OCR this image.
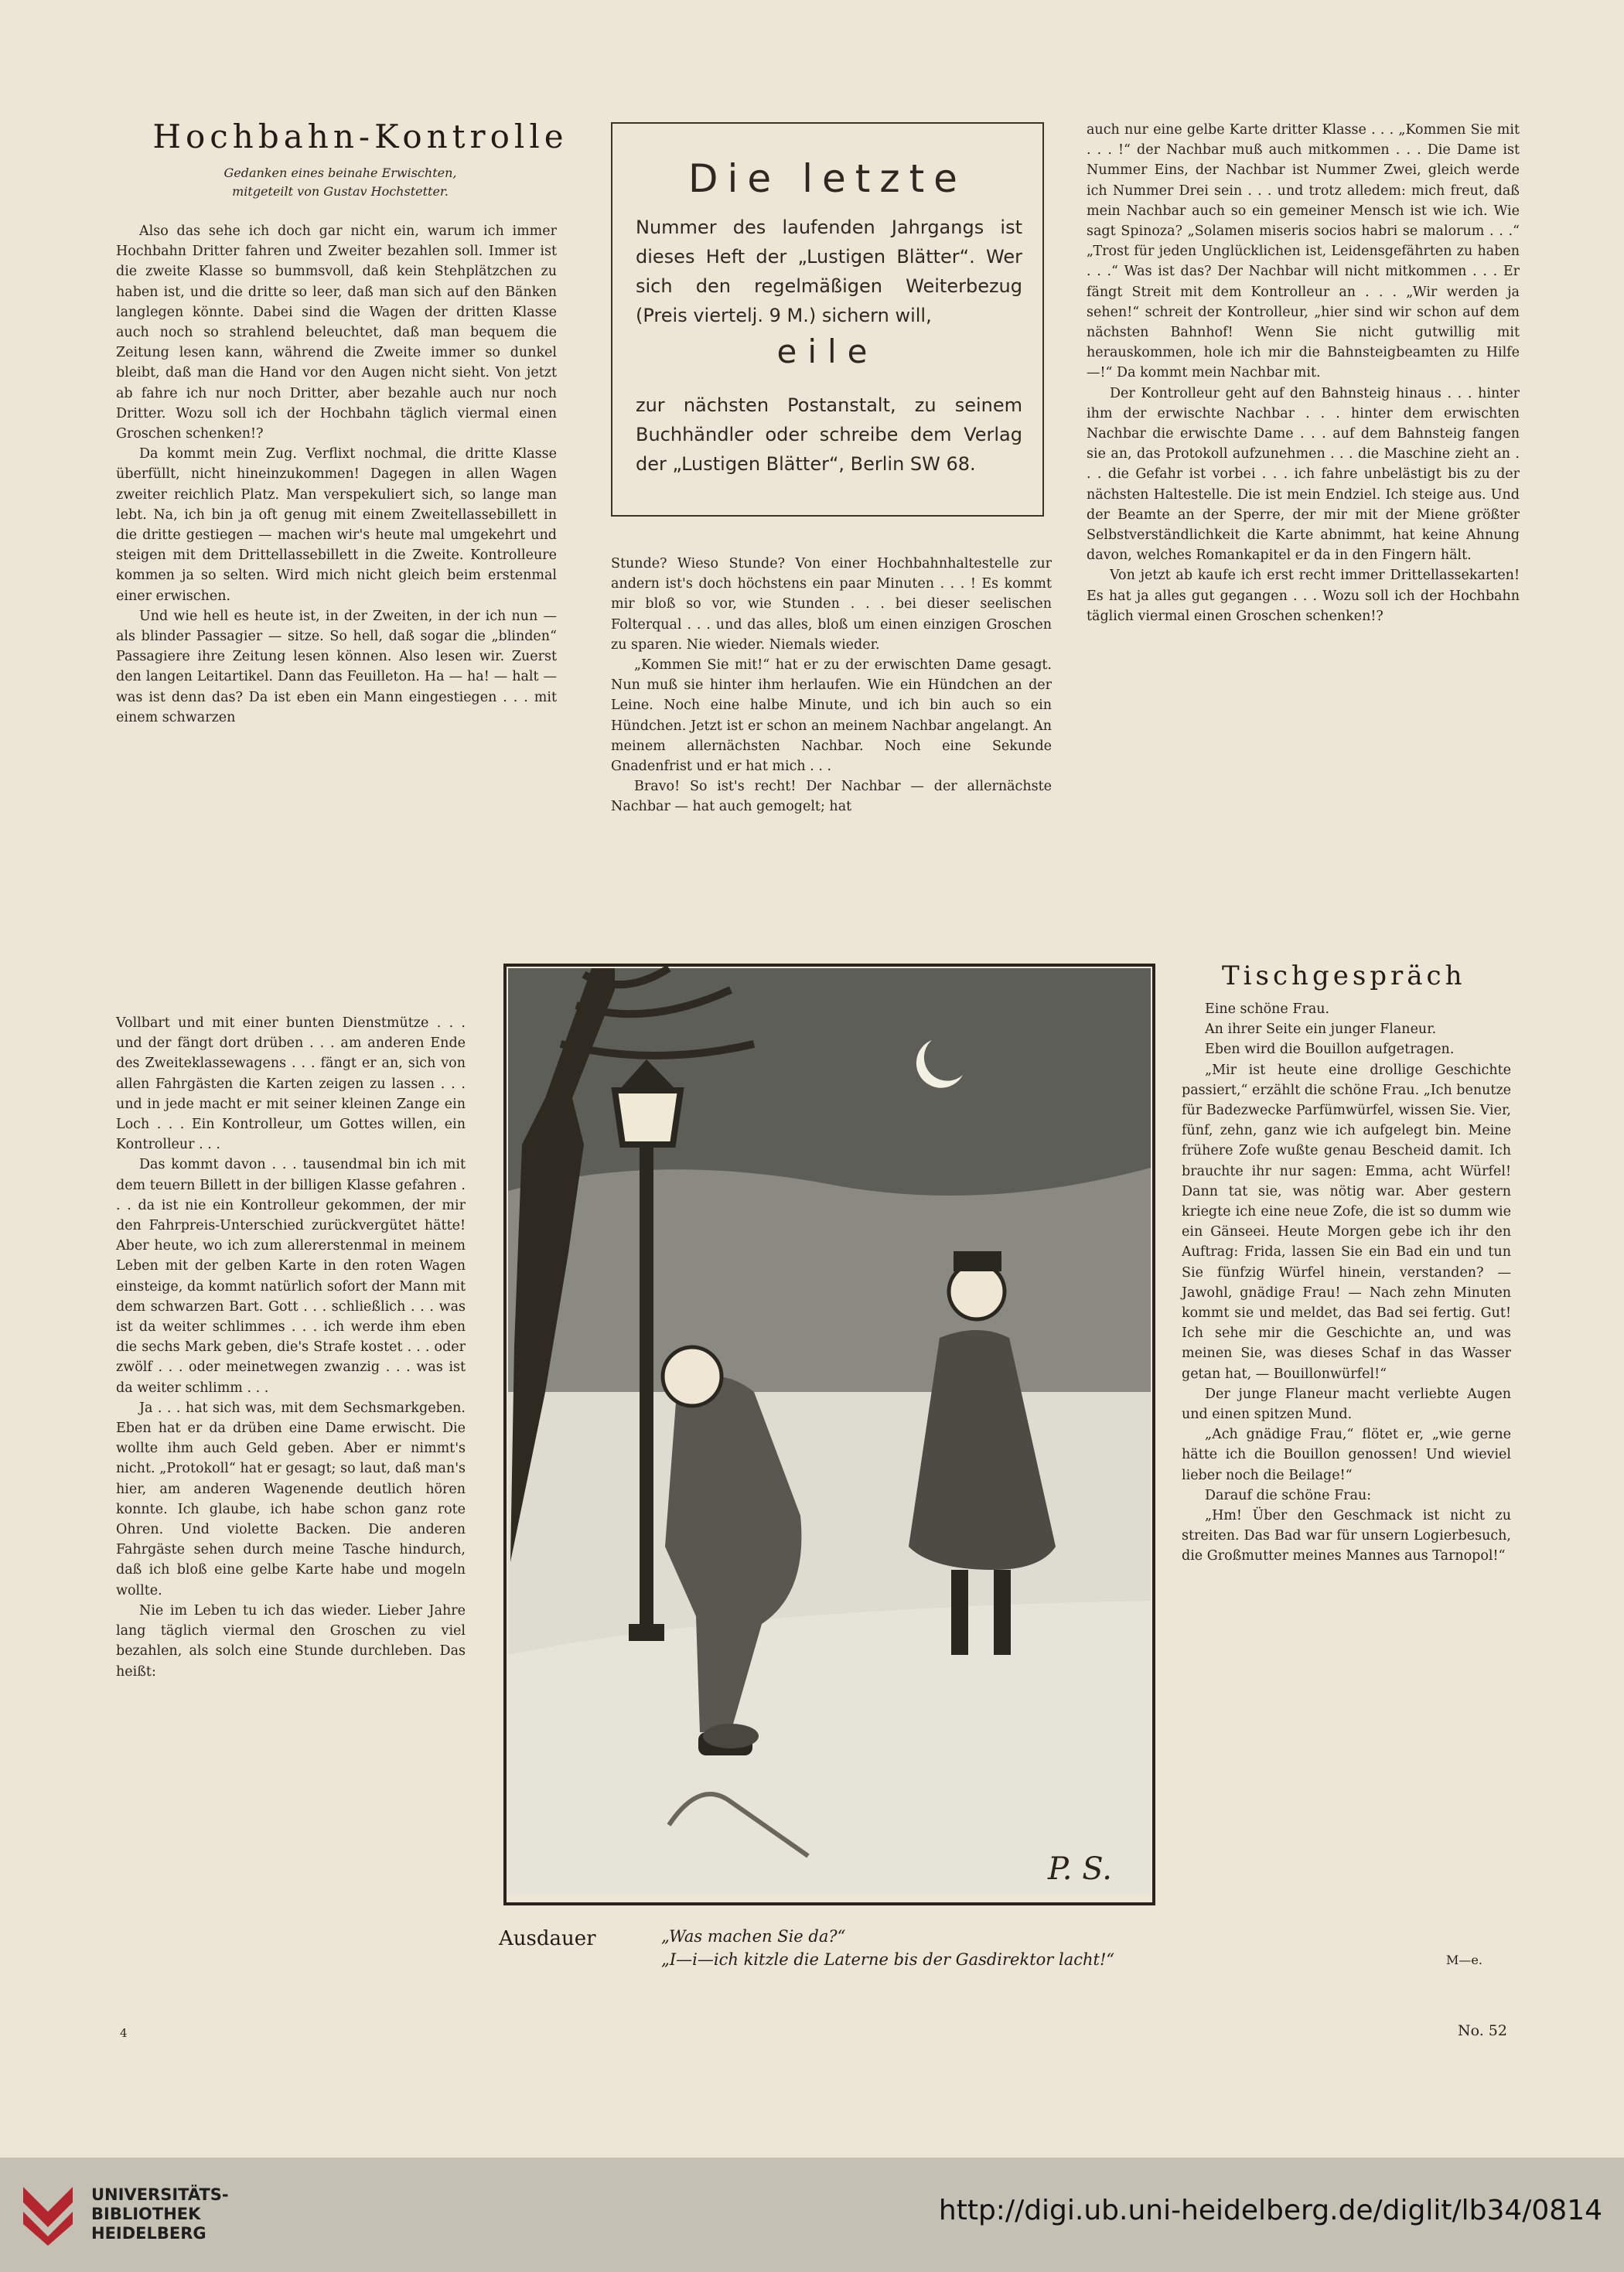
Hochbahn-Kontrolle
Gedanken eines beinahe Erwischten,
mitgeteilt von Gustav Hochstetter.

Also das sehe ich doch gar nicht ein, warum ich immer Hochbahn Dritter fahren und Zweiter bezahlen soll. Immer ist die zweite Klasse so bummsvoll, daß kein Stehplätzchen zu haben ist, und die dritte so leer, daß man sich auf den Bänken langlegen könnte. Dabei sind die Wagen der dritten Klasse auch noch so strahlend beleuchtet, daß man bequem die Zeitung lesen kann, während die Zweite immer so dunkel bleibt, daß man die Hand vor den Augen nicht sieht. Von jetzt ab fahre ich nur noch Dritter, aber bezahle auch nur noch Dritter. Wozu soll ich der Hochbahn täglich viermal einen Groschen schenken!?

Da kommt mein Zug. Verflixt nochmal, die dritte Klasse überfüllt, nicht hineinzukommen! Dagegen in allen Wagen zweiter reichlich Platz. Man verspekuliert sich, so lange man lebt. Na, ich bin ja oft genug mit einem Zweitellassebillett in die dritte gestiegen — machen wir's heute mal umgekehrt und steigen mit dem Drittellassebillett in die Zweite. Kontrolleure kommen ja so selten. Wird mich nicht gleich beim erstenmal einer erwischen.

Und wie hell es heute ist, in der Zweiten, in der ich nun — als blinder Passagier — sitze. So hell, daß sogar die „blinden“ Passagiere ihre Zeitung lesen können. Also lesen wir. Zuerst den langen Leitartikel. Dann das Feuilleton. Ha — ha! — halt — was ist denn das? Da ist eben ein Mann eingestiegen . . . mit einem schwarzen

Vollbart und mit einer bunten Dienstmütze . . . und der fängt dort drüben . . . am anderen Ende des Zweiteklassewagens . . . fängt er an, sich von allen Fahrgästen die Karten zeigen zu lassen . . . und in jede macht er mit seiner kleinen Zange ein Loch . . . Ein Kontrolleur, um Gottes willen, ein Kontrolleur . . .

Das kommt davon . . . tausendmal bin ich mit dem teuern Billett in der billigen Klasse gefahren . . . da ist nie ein Kontrolleur gekommen, der mir den Fahrpreis-Unterschied zurückvergütet hätte! Aber heute, wo ich zum allererstenmal in meinem Leben mit der gelben Karte in den roten Wagen einsteige, da kommt natürlich sofort der Mann mit dem schwarzen Bart. Gott . . . schließlich . . . was ist da weiter schlimmes . . . ich werde ihm eben die sechs Mark geben, die's Strafe kostet . . . oder zwölf . . . oder meinetwegen zwanzig . . . was ist da weiter schlimm . . .

Ja . . . hat sich was, mit dem Sechsmarkgeben. Eben hat er da drüben eine Dame erwischt. Die wollte ihm auch Geld geben. Aber er nimmt's nicht. „Protokoll“ hat er gesagt; so laut, daß man's hier, am anderen Wagenende deutlich hören konnte. Ich glaube, ich habe schon ganz rote Ohren. Und violette Backen. Die anderen Fahrgäste sehen durch meine Tasche hindurch, daß ich bloß eine gelbe Karte habe und mogeln wollte.

Nie im Leben tu ich das wieder. Lieber Jahre lang täglich viermal den Groschen zu viel bezahlen, als solch eine Stunde durchleben. Das heißt:

Die letzte
Nummer des laufenden Jahrgangs ist dieses Heft der „Lustigen Blätter“. Wer sich den regelmäßigen Weiterbezug (Preis viertelj. 9 M.) sichern will,
eile
zur nächsten Postanstalt, zu seinem Buchhändler oder schreibe dem Verlag der „Lustigen Blätter“, Berlin SW 68.

Stunde? Wieso Stunde? Von einer Hochbahnhaltestelle zur andern ist's doch höchstens ein paar Minuten . . . ! Es kommt mir bloß so vor, wie Stunden . . . bei dieser seelischen Folterqual . . . und das alles, bloß um einen einzigen Groschen zu sparen. Nie wieder. Niemals wieder.

„Kommen Sie mit!“ hat er zu der erwischten Dame gesagt. Nun muß sie hinter ihm herlaufen. Wie ein Hündchen an der Leine. Noch eine halbe Minute, und ich bin auch so ein Hündchen. Jetzt ist er schon an meinem Nachbar angelangt. An meinem allernächsten Nachbar. Noch eine Sekunde Gnadenfrist und er hat mich . . .

Bravo! So ist's recht! Der Nachbar — der allernächste Nachbar — hat auch gemogelt; hat

auch nur eine gelbe Karte dritter Klasse . . . „Kommen Sie mit . . . !“ der Nachbar muß auch mitkommen . . . Die Dame ist Nummer Eins, der Nachbar ist Nummer Zwei, gleich werde ich Nummer Drei sein . . . und trotz alledem: mich freut, daß mein Nachbar auch so ein gemeiner Mensch ist wie ich. Wie sagt Spinoza? „Solamen miseris socios habri se malorum . . .“ „Trost für jeden Unglücklichen ist, Leidensgefährten zu haben . . .“ Was ist das? Der Nachbar will nicht mitkommen . . . Er fängt Streit mit dem Kontrolleur an . . . „Wir werden ja sehen!“ schreit der Kontrolleur, „hier sind wir schon auf dem nächsten Bahnhof! Wenn Sie nicht gutwillig mit herauskommen, hole ich mir die Bahnsteigbeamten zu Hilfe —!“ Da kommt mein Nachbar mit.

Der Kontrolleur geht auf den Bahnsteig hinaus . . . hinter ihm der erwischte Nachbar . . . hinter dem erwischten Nachbar die erwischte Dame . . . auf dem Bahnsteig fangen sie an, das Protokoll aufzunehmen . . . die Maschine zieht an . . . die Gefahr ist vorbei . . . ich fahre unbelästigt bis zu der nächsten Haltestelle. Die ist mein Endziel. Ich steige aus. Und der Beamte an der Sperre, der mir mit der Miene größter Selbstverständlichkeit die Karte abnimmt, hat keine Ahnung davon, welches Romankapitel er da in den Fingern hält.

Von jetzt ab kaufe ich erst recht immer Drittellassekarten! Es hat ja alles gut gegangen . . . Wozu soll ich der Hochbahn täglich viermal einen Groschen schenken!?

Tischgespräch

Eine schöne Frau.

An ihrer Seite ein junger Flaneur.

Eben wird die Bouillon aufgetragen.

„Mir ist heute eine drollige Geschichte passiert,“ erzählt die schöne Frau. „Ich benutze für Badezwecke Parfümwürfel, wissen Sie. Vier, fünf, zehn, ganz wie ich aufgelegt bin. Meine frühere Zofe wußte genau Bescheid damit. Ich brauchte ihr nur sagen: Emma, acht Würfel! Dann tat sie, was nötig war. Aber gestern kriegte ich eine neue Zofe, die ist so dumm wie ein Gänseei. Heute Morgen gebe ich ihr den Auftrag: Frida, lassen Sie ein Bad ein und tun Sie fünfzig Würfel hinein, verstanden? — Jawohl, gnädige Frau! — Nach zehn Minuten kommt sie und meldet, das Bad sei fertig. Gut! Ich sehe mir die Geschichte an, und was meinen Sie, was dieses Schaf in das Wasser getan hat, — Bouillonwürfel!“

Der junge Flaneur macht verliebte Augen und einen spitzen Mund.

„Ach gnädige Frau,“ flötet er, „wie gerne hätte ich die Bouillon genossen! Und wieviel lieber noch die Beilage!“

Darauf die schöne Frau:

„Hm! Über den Geschmack ist nicht zu streiten. Das Bad war für unsern Logierbesuch, die Großmutter meines Mannes aus Tarnopol!“

M—e.
P. S.
Ausdauer	„Was machen Sie da?“
„I—i—ich kitzle die Laterne bis der Gasdirektor lacht!“
4	No. 52
UNIVERSITÄTS-
BIBLIOTHEK
HEIDELBERG
http://digi.ub.uni-heidelberg.de/diglit/lb34/0814
